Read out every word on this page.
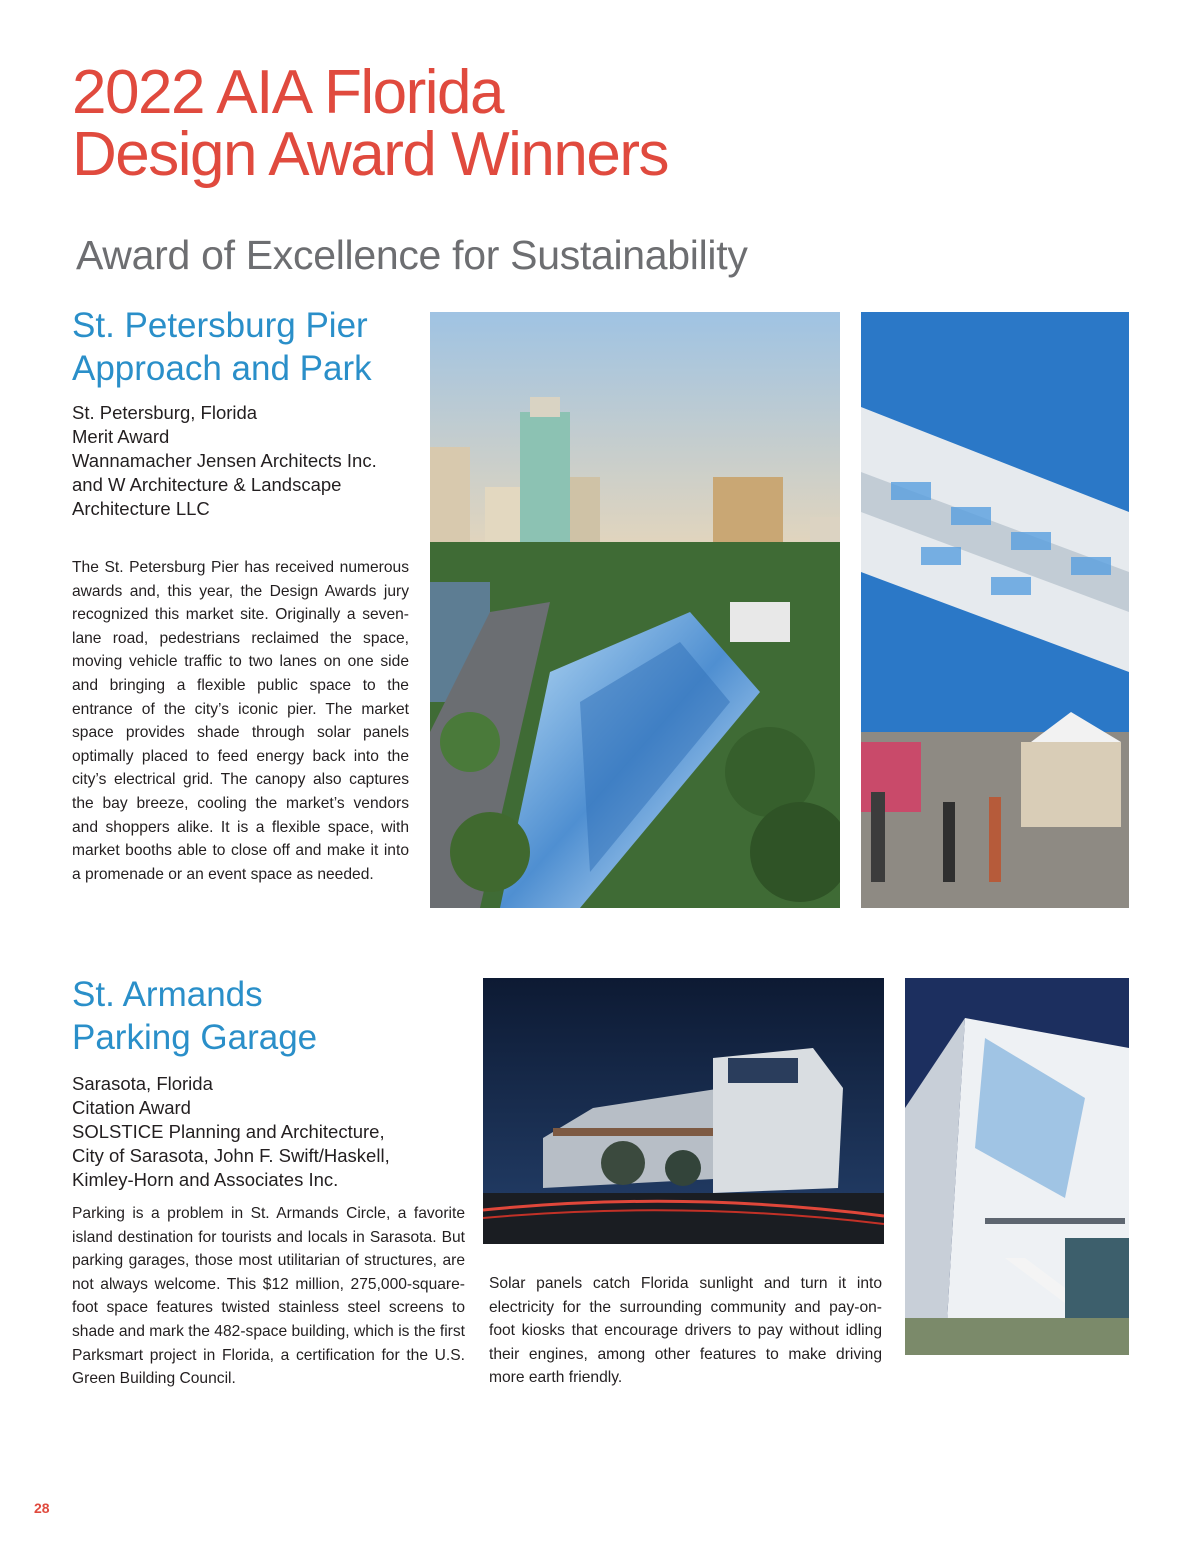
2022 AIA Florida
Design Award Winners
Award of Excellence for Sustainability
St. Petersburg Pier
Approach and Park
St. Petersburg, Florida
Merit Award
Wannamacher Jensen Architects Inc.
and W Architecture & Landscape
Architecture LLC

The St. Petersburg Pier has received numerous awards and, this year, the Design Awards jury recognized this market site. Originally a seven-lane road, pedestrians reclaimed the space, moving vehicle traffic to two lanes on one side and bringing a flexible public space to the entrance of the city’s iconic pier. The market space provides shade through solar panels optimally placed to feed energy back into the city’s electrical grid. The canopy also captures the bay breeze, cooling the market’s vendors and shoppers alike. It is a flexible space, with market booths able to close off and make it into a promenade or an event space as needed.

St. Armands
Parking Garage
Sarasota, Florida
Citation Award
SOLSTICE Planning and Architecture,
City of Sarasota, John F. Swift/Haskell,
Kimley-Horn and Associates Inc.

Parking is a problem in St. Armands Circle, a favorite island destination for tourists and locals in Sarasota. But parking garages, those most utilitarian of structures, are not always welcome. This $12 million, 275,000-square-foot space features twisted stainless steel screens to shade and mark the 482-space building, which is the first Parksmart project in Florida, a certification for the U.S. Green Building Council.

Solar panels catch Florida sunlight and turn it into electricity for the surrounding community and pay-on-foot kiosks that encourage drivers to pay without idling their engines, among other features to make driving more earth friendly.

28
